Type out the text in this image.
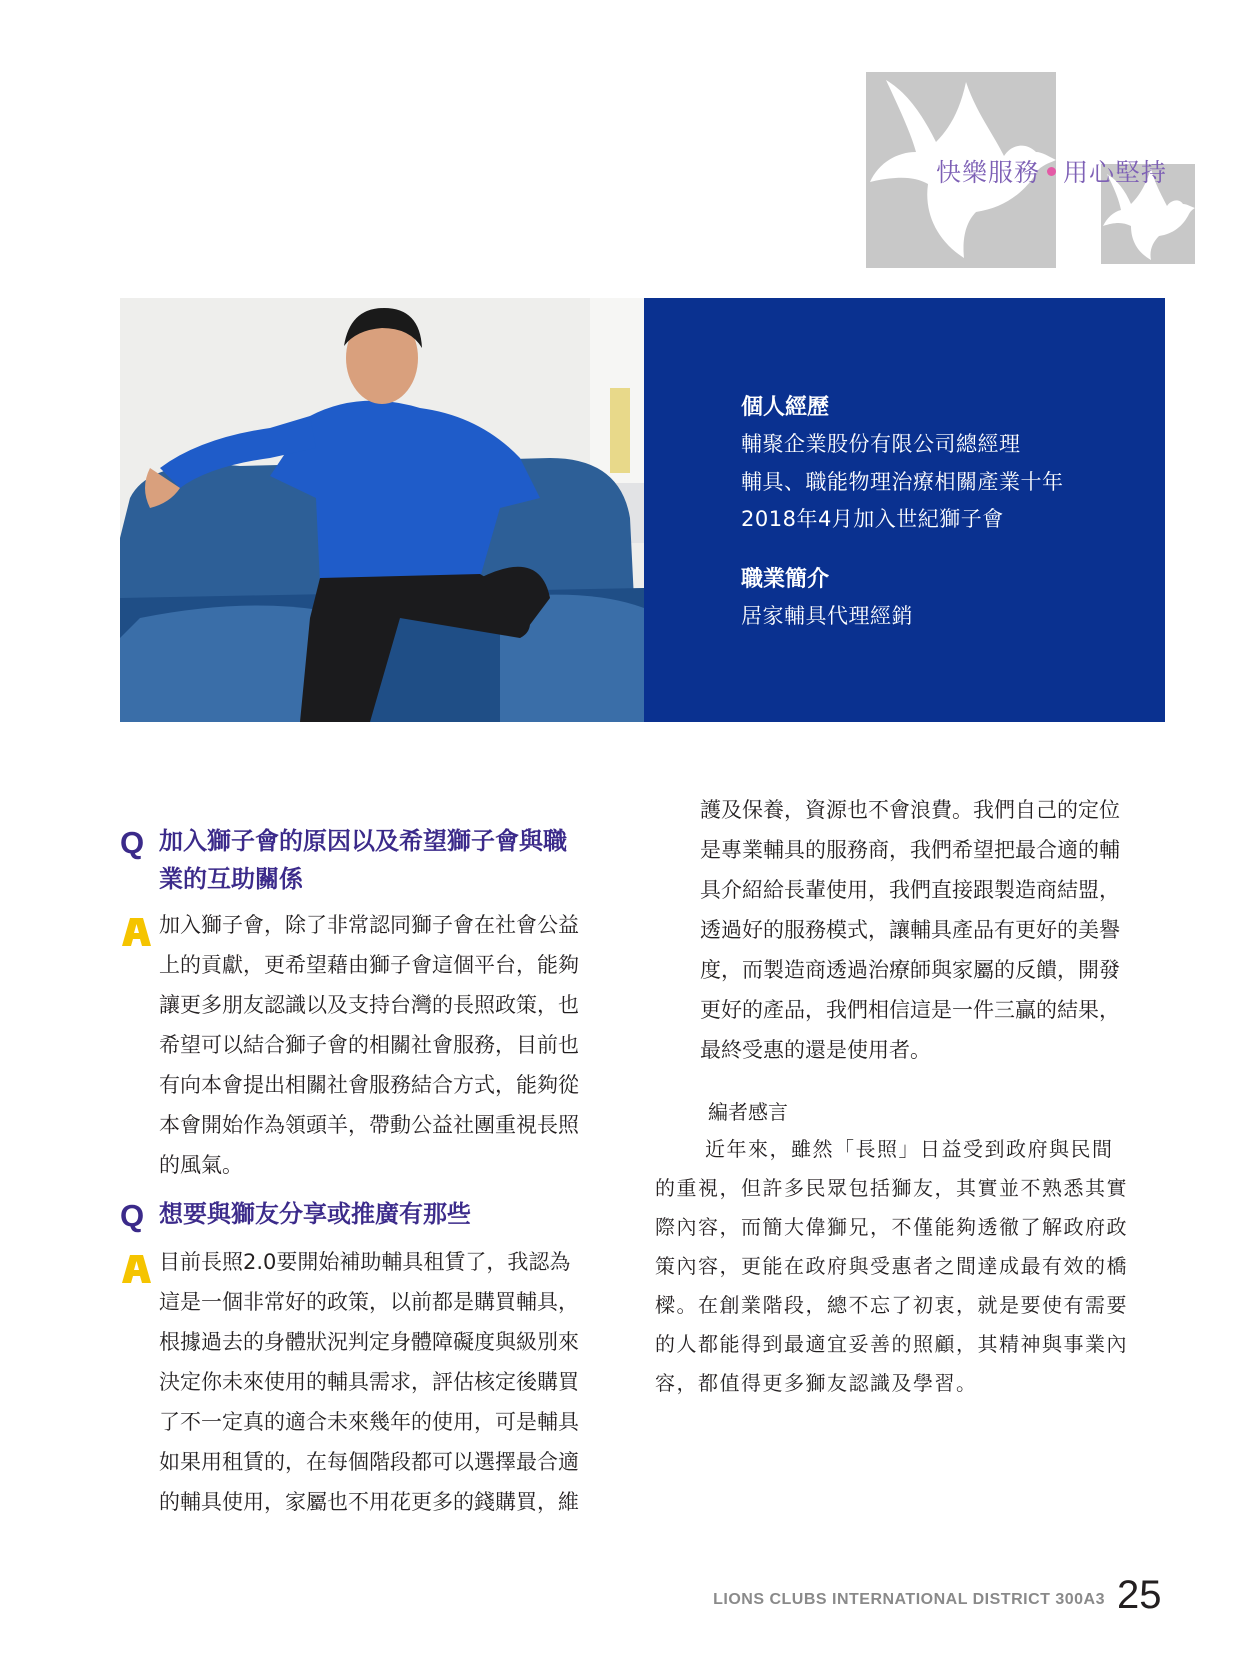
快樂服務 用心堅持
個人經歷
輔聚企業股份有限公司總經理
輔具、職能物理治療相關產業十年
2018年4月加入世紀獅子會
職業簡介
居家輔具代理經銷
Q 加入獅子會的原因以及希望獅子會與職
業的互助關係
A
加入獅子會，除了非常認同獅子會在社會公益
上的貢獻，更希望藉由獅子會這個平台，能夠
讓更多朋友認識以及支持台灣的長照政策，也
希望可以結合獅子會的相關社會服務，目前也
有向本會提出相關社會服務結合方式，能夠從
本會開始作為領頭羊，帶動公益社團重視長照
的風氣。
Q 想要與獅友分享或推廣有那些
A
目前長照2.0要開始補助輔具租賃了，我認為
這是一個非常好的政策，以前都是購買輔具，
根據過去的身體狀況判定身體障礙度與級別來
決定你未來使用的輔具需求，評估核定後購買
了不一定真的適合未來幾年的使用，可是輔具
如果用租賃的，在每個階段都可以選擇最合適
的輔具使用，家屬也不用花更多的錢購買，維
護及保養，資源也不會浪費。我們自己的定位
是專業輔具的服務商，我們希望把最合適的輔
具介紹給長輩使用，我們直接跟製造商結盟，
透過好的服務模式，讓輔具產品有更好的美譽
度，而製造商透過治療師與家屬的反饋，開發
更好的產品，我們相信這是一件三贏的結果，
最終受惠的還是使用者。
編者感言
近年來，雖然「長照」日益受到政府與民間
的重視，但許多民眾包括獅友，其實並不熟悉其實
際內容，而簡大偉獅兄，不僅能夠透徹了解政府政
策內容，更能在政府與受惠者之間達成最有效的橋
樑。在創業階段，總不忘了初衷，就是要使有需要
的人都能得到最適宜妥善的照顧，其精神與事業內
容，都值得更多獅友認識及學習。
LIONS CLUBS INTERNATIONAL DISTRICT 300A3 25
